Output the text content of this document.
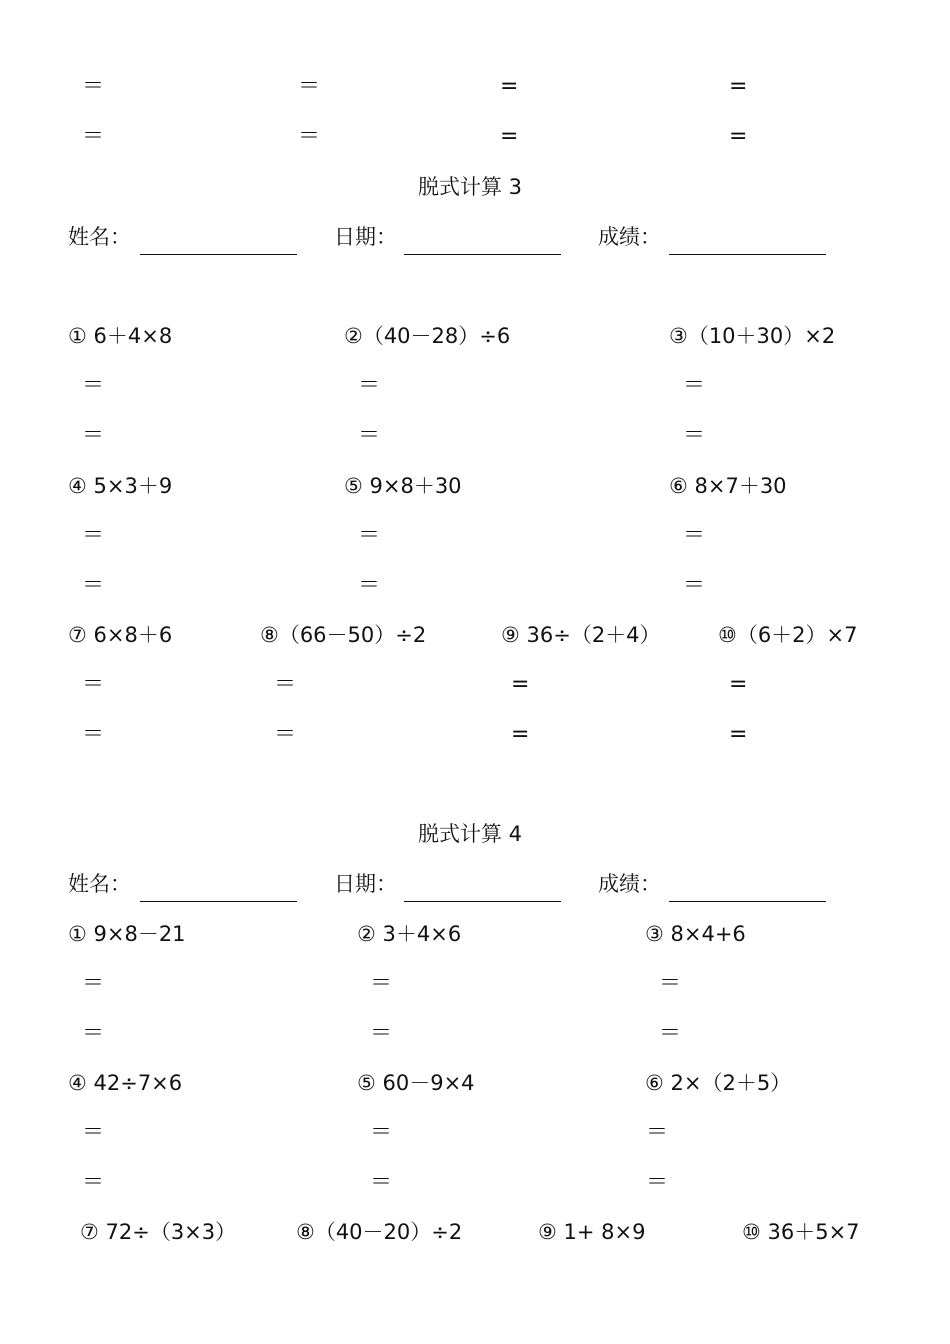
＝	＝	=	=
＝	＝	=	=
脱式计算 3
姓名：	日期：	成绩：
① 6＋4×8	②（40－28）÷6	③（10＋30）×2
＝	＝	＝
＝	＝	＝
④ 5×3＋9	⑤ 9×8＋30	⑥ 8×7＋30
＝	＝	＝
＝	＝	＝
⑦ 6×8＋6	⑧（66－50）÷2	⑨ 36÷（2＋4）	⑩（6＋2）×7
＝	＝	=	=
＝	＝	=	=
脱式计算 4
姓名：	日期：	成绩：
① 9×8－21	② 3＋4×6	③ 8×4+6
＝	＝	＝
＝	＝	＝
④ 42÷7×6	⑤ 60－9×4	⑥ 2×（2＋5）
＝	＝	＝
＝	＝	＝
⑦ 72÷（3×3）	⑧（40－20）÷2	⑨ 1+ 8×9	⑩ 36＋5×7
